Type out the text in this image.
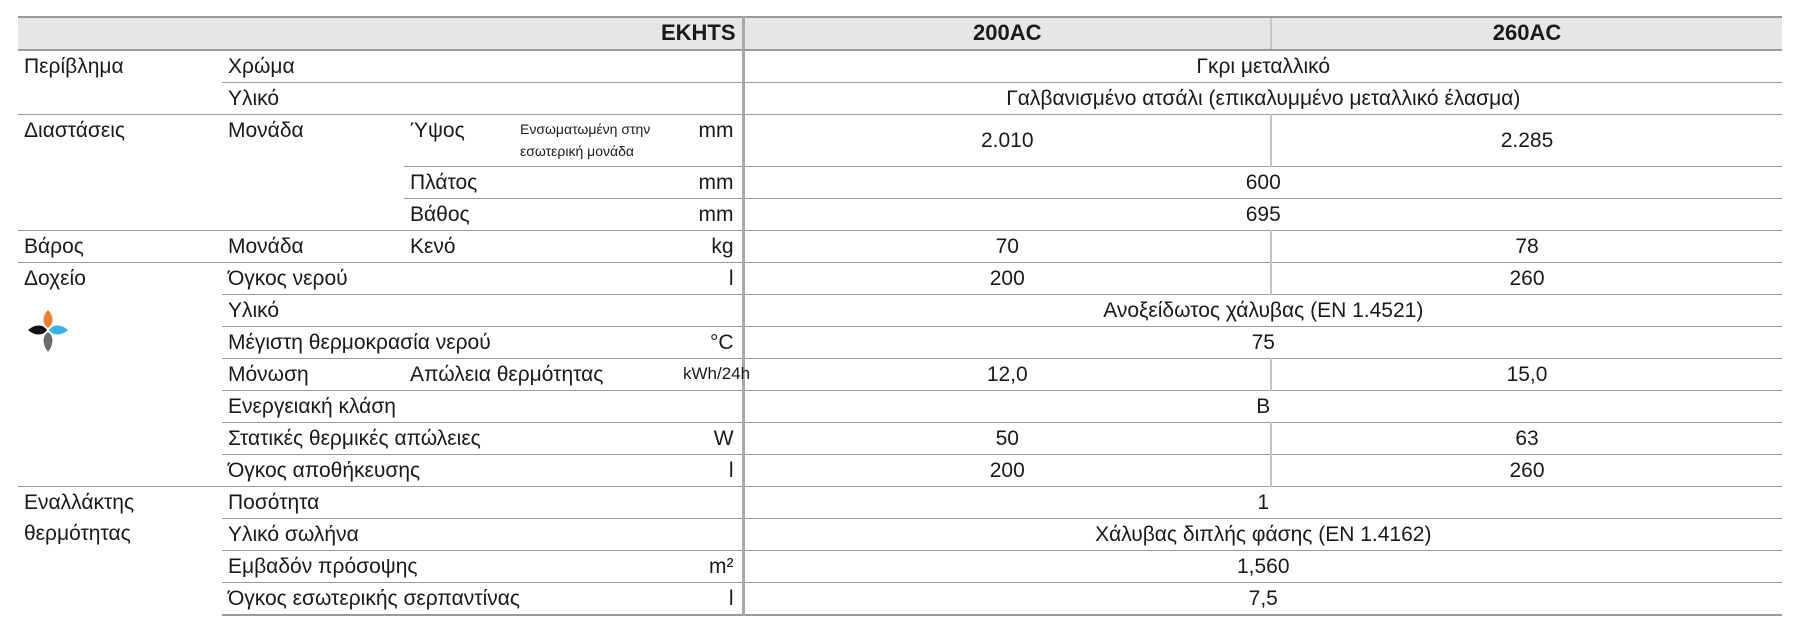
EKHTS					200AC	260AC
Περίβλημα	Χρώμα				Γκρι μεταλλικό	
	Υλικό				Γαλβανισμένο ατσάλι (επικαλυμμένο μεταλλικό έλασμα)	
Διαστάσεις	Μονάδα	Ύψος	Ενσωματωμένη στην εσωτερική μονάδα	mm	2.010	2.285
		Πλάτος		mm	600	
		Βάθος		mm	695	
Βάρος	Μονάδα	Κενό		kg	70	78
Δοχείο	Όγκος νερού			l	200	260
	Υλικό				Ανοξείδωτος χάλυβας (EN 1.4521)	
	Μέγιστη θερμοκρασία νερού			°C	75	
	Μόνωση	Απώλεια θερμότητας		kWh/24h	12,0	15,0
	Ενεργειακή κλάση				B	
	Στατικές θερμικές απώλειες			W	50	63
	Όγκος αποθήκευσης			l	200	260
Εναλλάκτης
θερμότητας	Ποσότητα				1	
	Υλικό σωλήνα				Χάλυβας διπλής φάσης (EN 1.4162)	
	Εμβαδόν πρόσοψης			m²	1,560	
	Όγκος εσωτερικής σερπαντίνας			l	7,5	
